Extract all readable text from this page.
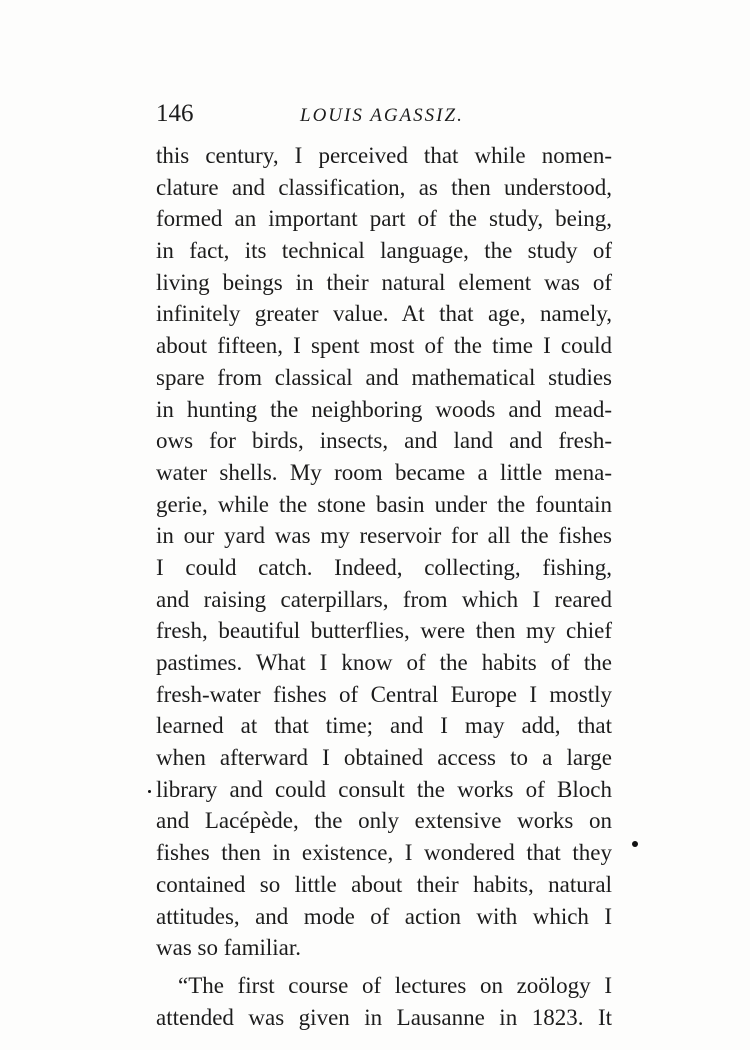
146	LOUIS AGASSIZ.
this century, I perceived that while nomen-
clature and classification, as then understood,
formed an important part of the study, being,
in fact, its technical language, the study of
living beings in their natural element was of
infinitely greater value. At that age, namely,
about fifteen, I spent most of the time I could
spare from classical and mathematical studies
in hunting the neighboring woods and mead-
ows for birds, insects, and land and fresh-
water shells. My room became a little mena-
gerie, while the stone basin under the fountain
in our yard was my reservoir for all the fishes
I could catch. Indeed, collecting, fishing,
and raising caterpillars, from which I reared
fresh, beautiful butterflies, were then my chief
pastimes. What I know of the habits of the
fresh-water fishes of Central Europe I mostly
learned at that time; and I may add, that
when afterward I obtained access to a large
library and could consult the works of Bloch
and Lacépède, the only extensive works on
fishes then in existence, I wondered that they
contained so little about their habits, natural
attitudes, and mode of action with which I
was so familiar.
“The first course of lectures on zoölogy I
attended was given in Lausanne in 1823. It
